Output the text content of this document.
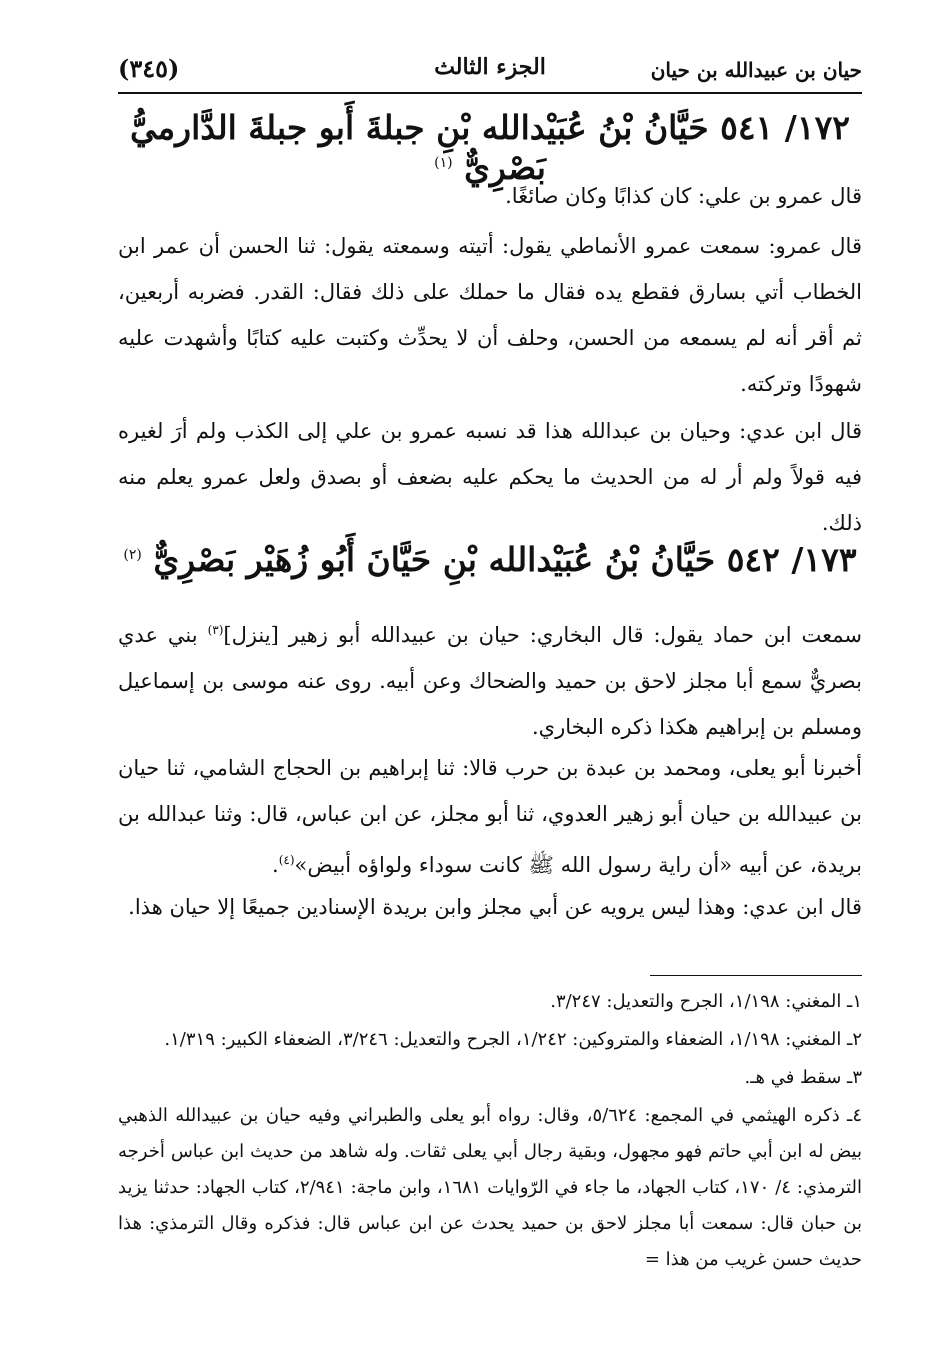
حيان بن عبيدالله بن حيان
الجزء الثالث
(٣٤٥)
١٧٢/ ٥٤١ حَيَّانُ بْنُ عُبَيْدالله بْنِ جبلةَ أَبو جبلةَ الدَّارميُّ بَصْرِيٌّ $^{(١)}$
قال عمرو بن علي: كان كذابًا وكان صائغًا.
قال عمرو: سمعت عمرو الأنماطي يقول: أتيته وسمعته يقول: ثنا الحسن أن عمر ابن الخطاب أتي بسارق فقطع يده فقال ما حملك على ذلك فقال: القدر. فضربه أربعين، ثم أقر أنه لم يسمعه من الحسن، وحلف أن لا يحدِّث وكتبت عليه كتابًا وأشهدت عليه شهودًا وتركته.
قال ابن عدي: وحيان بن عبدالله هذا قد نسبه عمرو بن علي إلى الكذب ولم أرَ لغيره فيه قولاً ولم أر له من الحديث ما يحكم عليه بضعف أو بصدق ولعل عمرو يعلم منه ذلك.
١٧٣/ ٥٤٢ حَيَّانُ بْنُ عُبَيْدالله بْنِ حَيَّانَ أَبُو زُهَيْر بَصْرِيٌّ $^{(٢)}$
سمعت ابن حماد يقول: قال البخاري: حيان بن عبيدالله أبو زهير [ينزل]$^{(٣)}$ بني عدي بصريٌّ سمع أبا مجلز لاحق بن حميد والضحاك وعن أبيه. روى عنه موسى بن إسماعيل ومسلم بن إبراهيم هكذا ذكره البخاري.
أخبرنا أبو يعلى، ومحمد بن عبدة بن حرب قالا: ثنا إبراهيم بن الحجاج الشامي، ثنا حيان بن عبيدالله بن حيان أبو زهير العدوي، ثنا أبو مجلز، عن ابن عباس، قال: وثنا عبدالله بن بريدة، عن أبيه «أن راية رسول الله ﷺ كانت سوداء ولواؤه أبيض»$^{(٤)}$.
قال ابن عدي: وهذا ليس يرويه عن أبي مجلز وابن بريدة الإسنادين جميعًا إلا حيان هذا.

١ـ المغني: ١/١٩٨، الجرح والتعديل: ٣/٢٤٧.

٢ـ المغني: ١/١٩٨، الضعفاء والمتروكين: ١/٢٤٢، الجرح والتعديل: ٣/٢٤٦، الضعفاء الكبير: ١/٣١٩.

٣ـ سقط في هـ.

٤ـ ذكره الهيثمي في المجمع: ٥/٦٢٤، وقال: رواه أبو يعلى والطبراني وفيه حيان بن عبيدالله الذهبي بيض له ابن أبي حاتم فهو مجهول، وبقية رجال أبي يعلى ثقات. وله شاهد من حديث ابن عباس أخرجه الترمذي: ٤/ ١٧٠، كتاب الجهاد، ما جاء في الرّوايات ١٦٨١، وابن ماجة: ٢/٩٤١، كتاب الجهاد: حدثنا يزيد بن حبان قال: سمعت أبا مجلز لاحق بن حميد يحدث عن ابن عباس قال: فذكره وقال الترمذي: هذا حديث حسن غريب من هذا =
